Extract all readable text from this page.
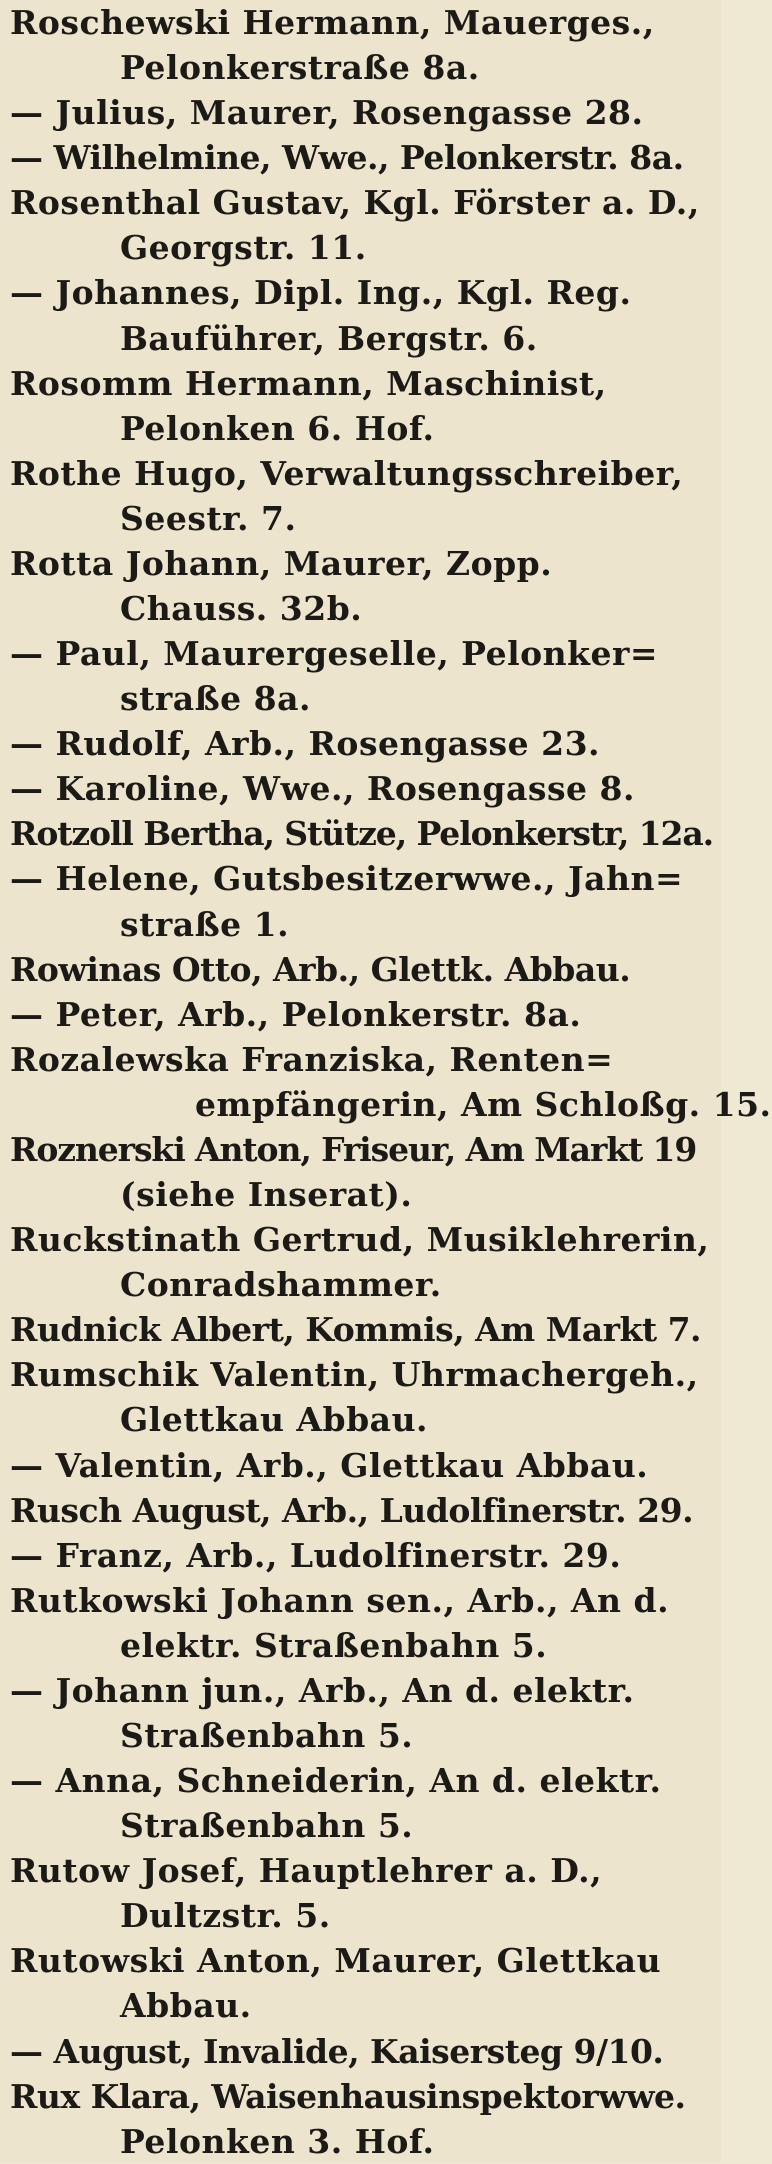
Roschewski Hermann, Mauerges.,
Pelonkerstraße 8a.
— Julius, Maurer, Rosengasse 28.
— Wilhelmine, Wwe., Pelonkerstr. 8a.
Rosenthal Gustav, Kgl. Förster a. D.,
Georgstr. 11.
— Johannes, Dipl. Ing., Kgl. Reg.
Bauführer, Bergstr. 6.
Rosomm Hermann, Maschinist,
Pelonken 6. Hof.
Rothe Hugo, Verwaltungsschreiber,
Seestr. 7.
Rotta Johann, Maurer, Zopp.
Chauss. 32b.
— Paul, Maurergeselle, Pelonker=
straße 8a.
— Rudolf, Arb., Rosengasse 23.
— Karoline, Wwe., Rosengasse 8.
Rotzoll Bertha, Stütze, Pelonkerstr, 12a.
— Helene, Gutsbesitzerwwe., Jahn=
straße 1.
Rowinas Otto, Arb., Glettk. Abbau.
— Peter, Arb., Pelonkerstr. 8a.
Rozalewska Franziska, Renten=
empfängerin, Am Schloßg. 15.
Roznerski Anton, Friseur, Am Markt 19
(siehe Inserat).
Ruckstinath Gertrud, Musiklehrerin,
Conradshammer.
Rudnick Albert, Kommis, Am Markt 7.
Rumschik Valentin, Uhrmachergeh.,
Glettkau Abbau.
— Valentin, Arb., Glettkau Abbau.
Rusch August, Arb., Ludolfinerstr. 29.
— Franz, Arb., Ludolfinerstr. 29.
Rutkowski Johann sen., Arb., An d.
elektr. Straßenbahn 5.
— Johann jun., Arb., An d. elektr.
Straßenbahn 5.
— Anna, Schneiderin, An d. elektr.
Straßenbahn 5.
Rutow Josef, Hauptlehrer a. D.,
Dultzstr. 5.
Rutowski Anton, Maurer, Glettkau
Abbau.
— August, Invalide, Kaisersteg 9/10.
Rux Klara, Waisenhausinspektorwwe.
Pelonken 3. Hof.
